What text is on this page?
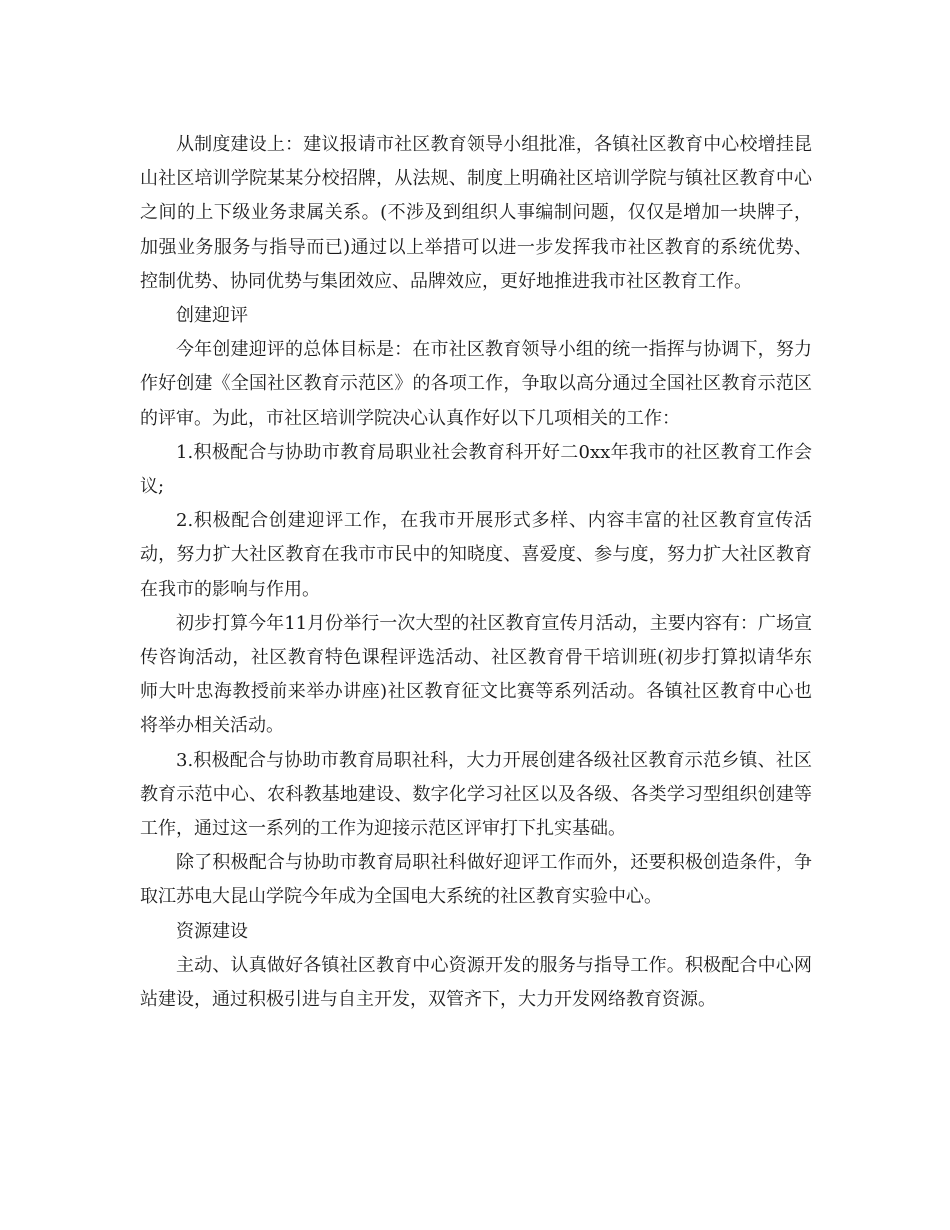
从制度建设上：建议报请市社区教育领导小组批准，各镇社区教育中心校增挂昆山社区培训学院某某分校招牌，从法规、制度上明确社区培训学院与镇社区教育中心之间的上下级业务隶属关系。(不涉及到组织人事编制问题，仅仅是增加一块牌子，加强业务服务与指导而已)通过以上举措可以进一步发挥我市社区教育的系统优势、控制优势、协同优势与集团效应、品牌效应，更好地推进我市社区教育工作。

创建迎评

今年创建迎评的总体目标是：在市社区教育领导小组的统一指挥与协调下，努力作好创建《全国社区教育示范区》的各项工作，争取以高分通过全国社区教育示范区的评审。为此，市社区培训学院决心认真作好以下几项相关的工作：

1.积极配合与协助市教育局职业社会教育科开好二0xx年我市的社区教育工作会议;

2.积极配合创建迎评工作，在我市开展形式多样、内容丰富的社区教育宣传活动，努力扩大社区教育在我市市民中的知晓度、喜爱度、参与度，努力扩大社区教育在我市的影响与作用。

初步打算今年11月份举行一次大型的社区教育宣传月活动，主要内容有：广场宣传咨询活动，社区教育特色课程评选活动、社区教育骨干培训班(初步打算拟请华东师大叶忠海教授前来举办讲座)社区教育征文比赛等系列活动。各镇社区教育中心也将举办相关活动。

3.积极配合与协助市教育局职社科，大力开展创建各级社区教育示范乡镇、社区教育示范中心、农科教基地建设、数字化学习社区以及各级、各类学习型组织创建等工作，通过这一系列的工作为迎接示范区评审打下扎实基础。

除了积极配合与协助市教育局职社科做好迎评工作而外，还要积极创造条件，争取江苏电大昆山学院今年成为全国电大系统的社区教育实验中心。

资源建设

主动、认真做好各镇社区教育中心资源开发的服务与指导工作。积极配合中心网站建设，通过积极引进与自主开发，双管齐下，大力开发网络教育资源。
